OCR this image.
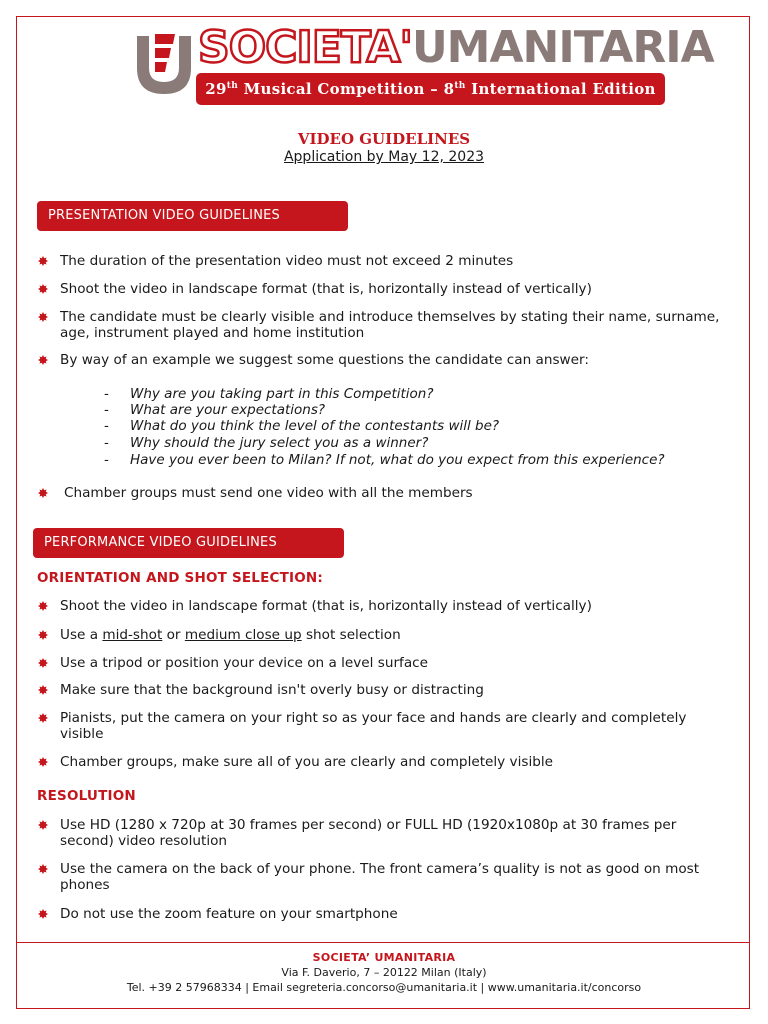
SOCIETA'UMANITARIA
29th Musical Competition – 8th International Edition
VIDEO GUIDELINES
Application by May 12, 2023
PRESENTATION VIDEO GUIDELINES
The duration of the presentation video must not exceed 2 minutes
Shoot the video in landscape format (that is, horizontally instead of vertically)
The candidate must be clearly visible and introduce themselves by stating their name, surname, age, instrument played and home institution
By way of an example we suggest some questions the candidate can answer:
- Why are you taking part in this Competition?
- What are your expectations?
- What do you think the level of the contestants will be?
- Why should the jury select you as a winner?
- Have you ever been to Milan? If not, what do you expect from this experience?
Chamber groups must send one video with all the members
PERFORMANCE VIDEO GUIDELINES
ORIENTATION AND SHOT SELECTION:
Shoot the video in landscape format (that is, horizontally instead of vertically)
Use a mid-shot or medium close up shot selection
Use a tripod or position your device on a level surface
Make sure that the background isn't overly busy or distracting
Pianists, put the camera on your right so as your face and hands are clearly and completely visible
Chamber groups, make sure all of you are clearly and completely visible
RESOLUTION
Use HD (1280 x 720p at 30 frames per second) or FULL HD (1920x1080p at 30 frames per second) video resolution
Use the camera on the back of your phone. The front camera’s quality is not as good on most phones
Do not use the zoom feature on your smartphone
SOCIETA’ UMANITARIA
Via F. Daverio, 7 – 20122 Milan (Italy)
Tel. +39 2 57968334 | Email segreteria.concorso@umanitaria.it | www.umanitaria.it/concorso
